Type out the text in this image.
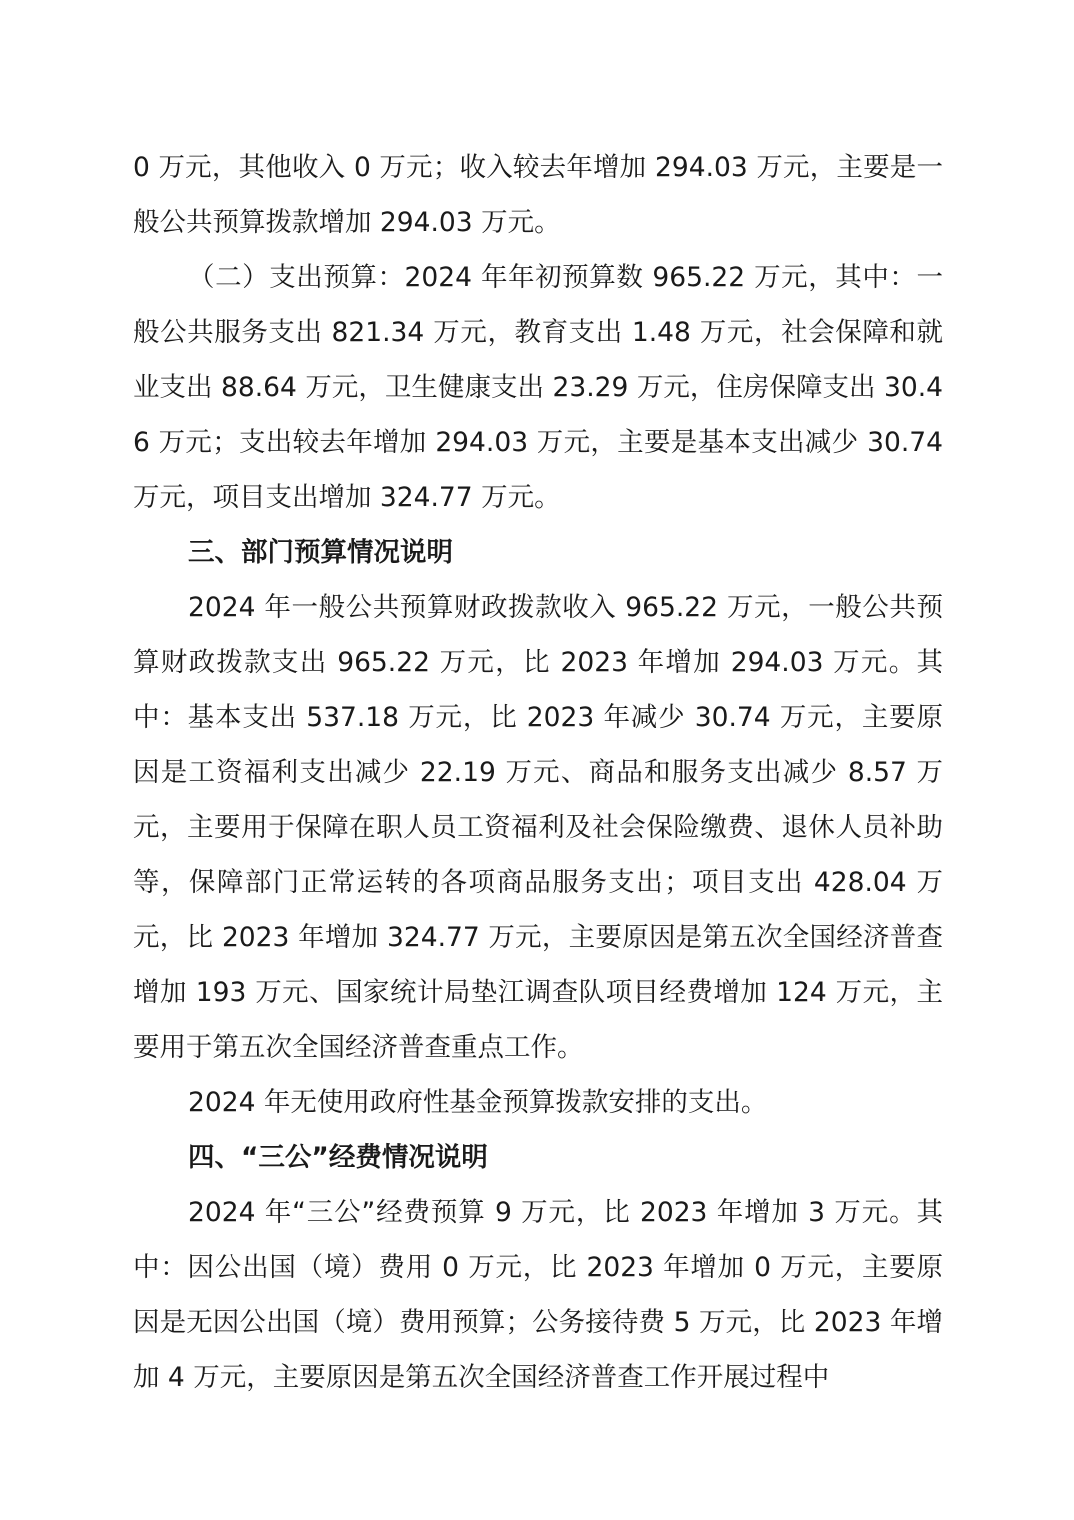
0 万元，其他收入 0 万元；收入较去年增加 294.03 万元，主要是一般公共预算拨款增加 294.03 万元。

（二）支出预算：2024 年年初预算数 965.22 万元，其中：一般公共服务支出 821.34 万元，教育支出 1.48 万元，社会保障和就业支出 88.64 万元，卫生健康支出 23.29 万元，住房保障支出 30.46 万元；支出较去年增加 294.03 万元，主要是基本支出减少 30.74 万元，项目支出增加 324.77 万元。

三、部门预算情况说明

2024 年一般公共预算财政拨款收入 965.22 万元，一般公共预算财政拨款支出 965.22 万元，比 2023 年增加 294.03 万元。其中：基本支出 537.18 万元，比 2023 年减少 30.74 万元，主要原因是工资福利支出减少 22.19 万元、商品和服务支出减少 8.57 万元，主要用于保障在职人员工资福利及社会保险缴费、退休人员补助等，保障部门正常运转的各项商品服务支出；项目支出 428.04 万元，比 2023 年增加 324.77 万元，主要原因是第五次全国经济普查增加 193 万元、国家统计局垫江调查队项目经费增加 124 万元，主要用于第五次全国经济普查重点工作。

2024 年无使用政府性基金预算拨款安排的支出。

四、“三公”经费情况说明

2024 年“三公”经费预算 9 万元，比 2023 年增加 3 万元。其中：因公出国（境）费用 0 万元，比 2023 年增加 0 万元，主要原因是无因公出国（境）费用预算；公务接待费 5 万元，比 2023 年增加 4 万元，主要原因是第五次全国经济普查工作开展过程中
